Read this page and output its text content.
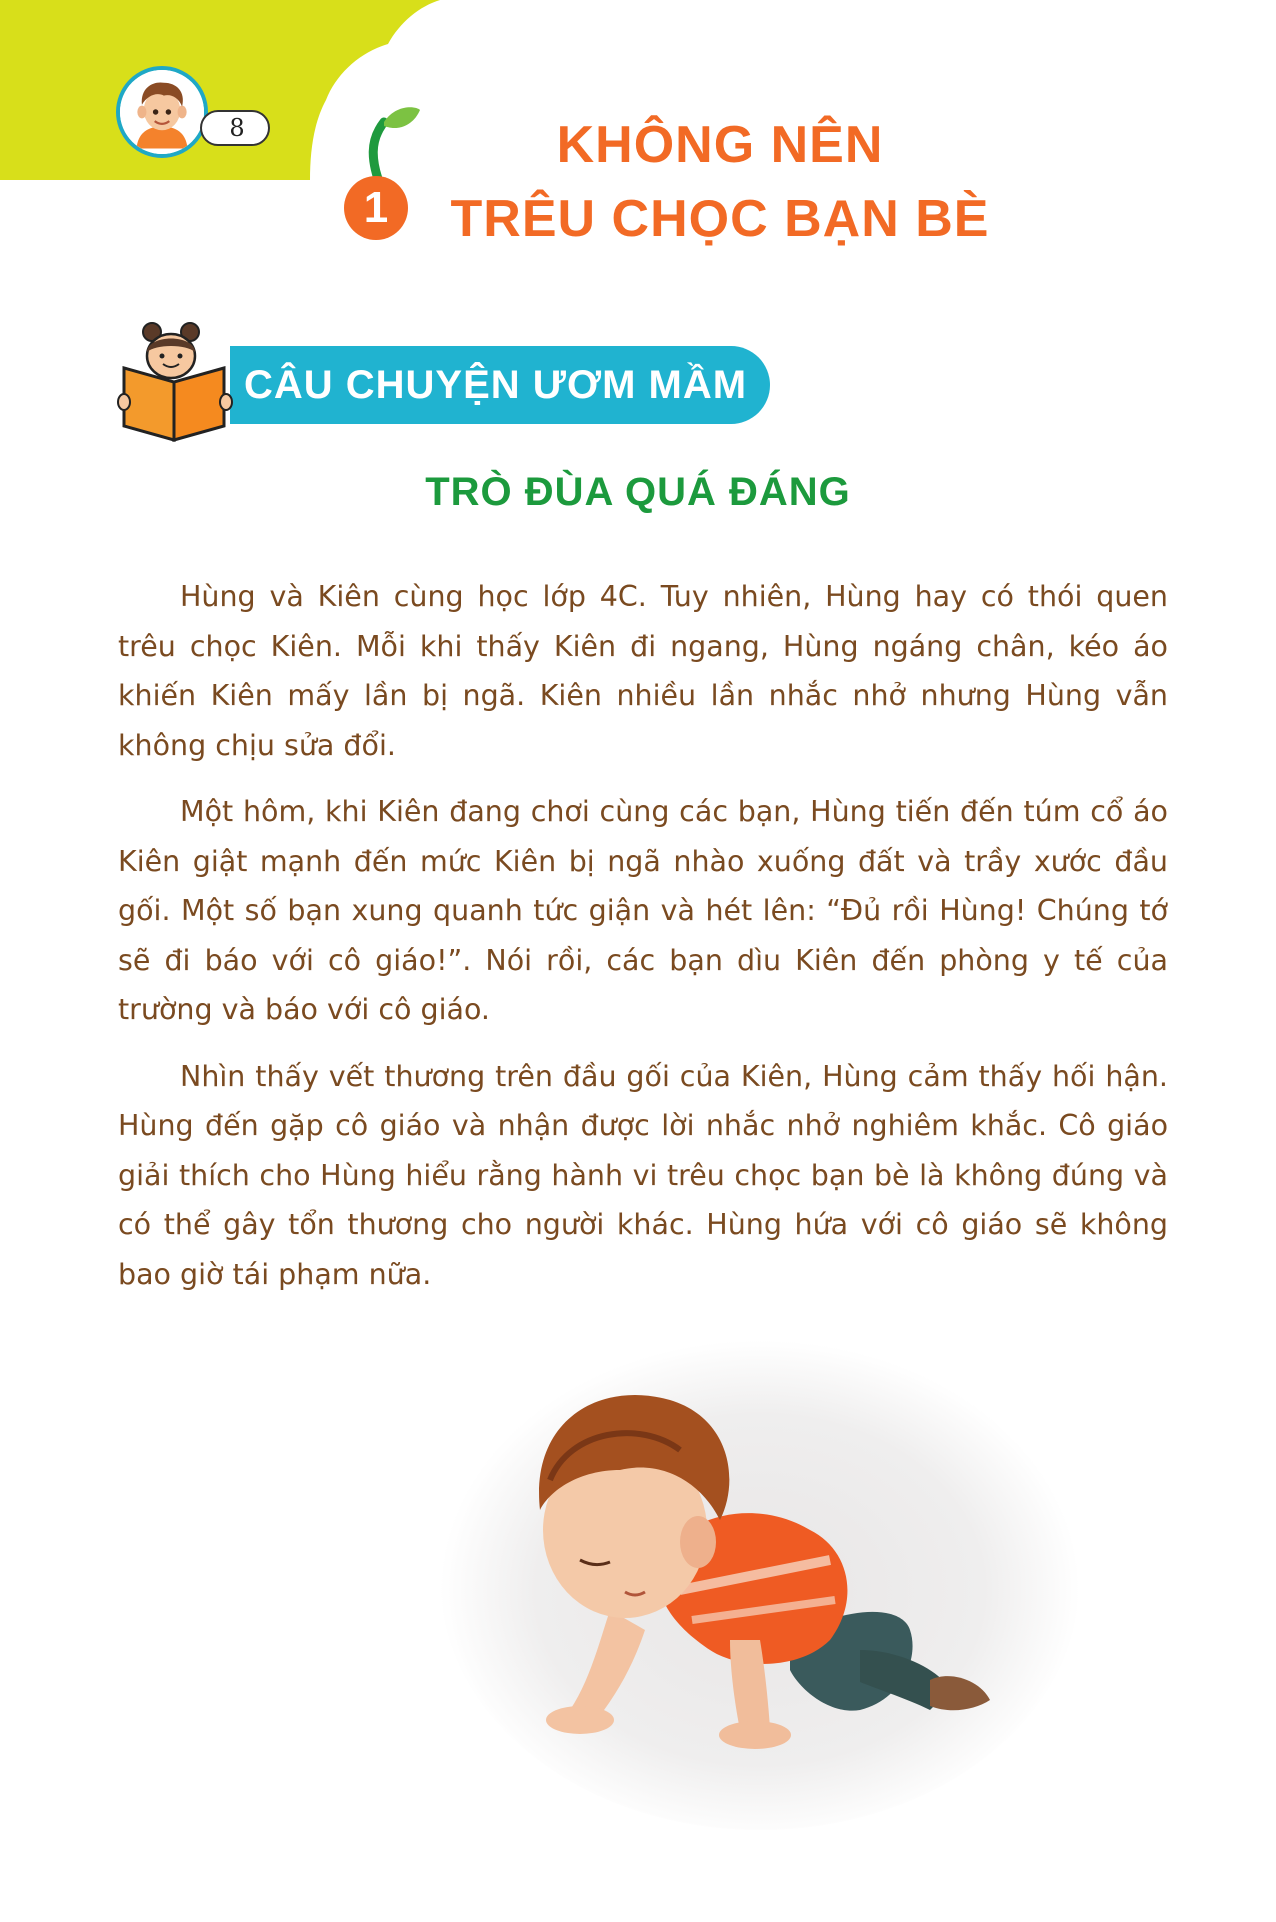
8
1
KHÔNG NÊN
TRÊU CHỌC BẠN BÈ
CÂU CHUYỆN ƯƠM MẦM
TRÒ ĐÙA QUÁ ĐÁNG

Hùng và Kiên cùng học lớp 4C. Tuy nhiên, Hùng hay có thói quen trêu chọc Kiên. Mỗi khi thấy Kiên đi ngang, Hùng ngáng chân, kéo áo khiến Kiên mấy lần bị ngã. Kiên nhiều lần nhắc nhở nhưng Hùng vẫn không chịu sửa đổi.

Một hôm, khi Kiên đang chơi cùng các bạn, Hùng tiến đến túm cổ áo Kiên giật mạnh đến mức Kiên bị ngã nhào xuống đất và trầy xước đầu gối. Một số bạn xung quanh tức giận và hét lên: “Đủ rồi Hùng! Chúng tớ sẽ đi báo với cô giáo!”. Nói rồi, các bạn dìu Kiên đến phòng y tế của trường và báo với cô giáo.

Nhìn thấy vết thương trên đầu gối của Kiên, Hùng cảm thấy hối hận. Hùng đến gặp cô giáo và nhận được lời nhắc nhở nghiêm khắc. Cô giáo giải thích cho Hùng hiểu rằng hành vi trêu chọc bạn bè là không đúng và có thể gây tổn thương cho người khác. Hùng hứa với cô giáo sẽ không bao giờ tái phạm nữa.
